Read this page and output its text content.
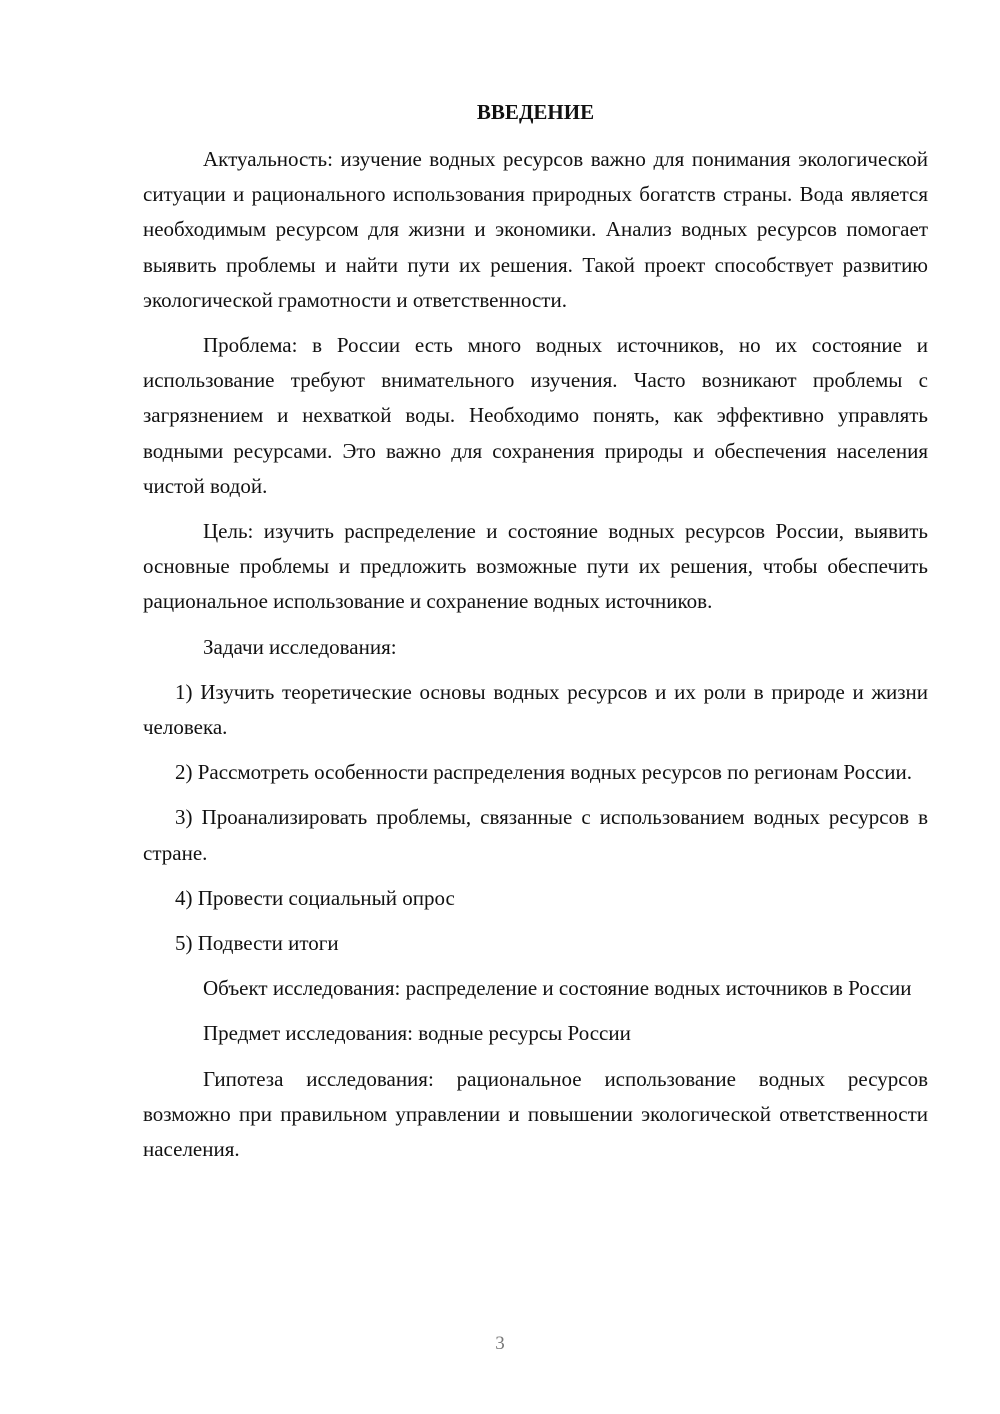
ВВЕДЕНИЕ

Актуальность: изучение водных ресурсов важно для понимания экологической ситуации и рационального использования природных богатств страны. Вода является необходимым ресурсом для жизни и экономики. Анализ водных ресурсов помогает выявить проблемы и найти пути их решения. Такой проект способствует развитию экологической грамотности и ответственности.

Проблема: в России есть много водных источников, но их состояние и использование требуют внимательного изучения. Часто возникают проблемы с загрязнением и нехваткой воды. Необходимо понять, как эффективно управлять водными ресурсами. Это важно для сохранения природы и обеспечения населения чистой водой.

Цель: изучить распределение и состояние водных ресурсов России, выявить основные проблемы и предложить возможные пути их решения, чтобы обеспечить рациональное использование и сохранение водных источников.

Задачи исследования:

1) Изучить теоретические основы водных ресурсов и их роли в природе и жизни человека.

2) Рассмотреть особенности распределения водных ресурсов по регионам России.

3) Проанализировать проблемы, связанные с использованием водных ресурсов в стране.

4) Провести социальный опрос

5) Подвести итоги

Объект исследования: распределение и состояние водных источников в России

Предмет исследования: водные ресурсы России

Гипотеза исследования: рациональное использование водных ресурсов возможно при правильном управлении и повышении экологической ответственности населения.

3
